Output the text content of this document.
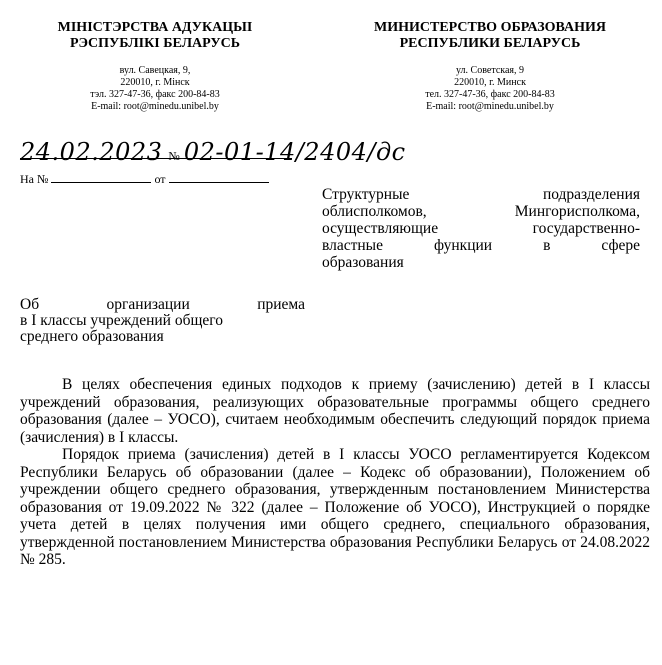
МІНІСТЭРСТВА АДУКАЦЫІ
РЭСПУБЛІКІ БЕЛАРУСЬ
вул. Савецкая, 9,
220010, г. Мінск
тэл. 327-47-36, факс 200-84-83
E-mail: root@minedu.unibel.by
МИНИСТЕРСТВО ОБРАЗОВАНИЯ
РЕСПУБЛИКИ БЕЛАРУСЬ
ул. Советская, 9
220010, г. Минск
тел. 327-47-36, факс 200-84-83
E-mail: root@minedu.unibel.by
24.02.2023 № 02-01-14/2404/дс
На №	от

Структурные	подразделения

облисполкомов,	Мингорисполкома,

осуществляющие	государственно-

властные	функции	в	сфере

образования

Об	организации	приема
в I классы учреждений общего
среднего образования

В целях обеспечения единых подходов к приему (зачислению) детей в I классы учреждений образования, реализующих образовательные программы общего среднего образования (далее – УОСО), считаем необходимым обеспечить следующий порядок приема (зачисления) в I классы.

Порядок приема (зачисления) детей в I классы УОСО регламентируется Кодексом Республики Беларусь об образовании (далее – Кодекс об образовании), Положением об учреждении общего среднего образования, утвержденным постановлением Министерства образования от 19.09.2022 № 322 (далее – Положение об УОСО), Инструкцией о порядке учета детей в целях получения ими общего среднего, специального образования, утвержденной постановлением Министерства образования Республики Беларусь от 24.08.2022 № 285.
